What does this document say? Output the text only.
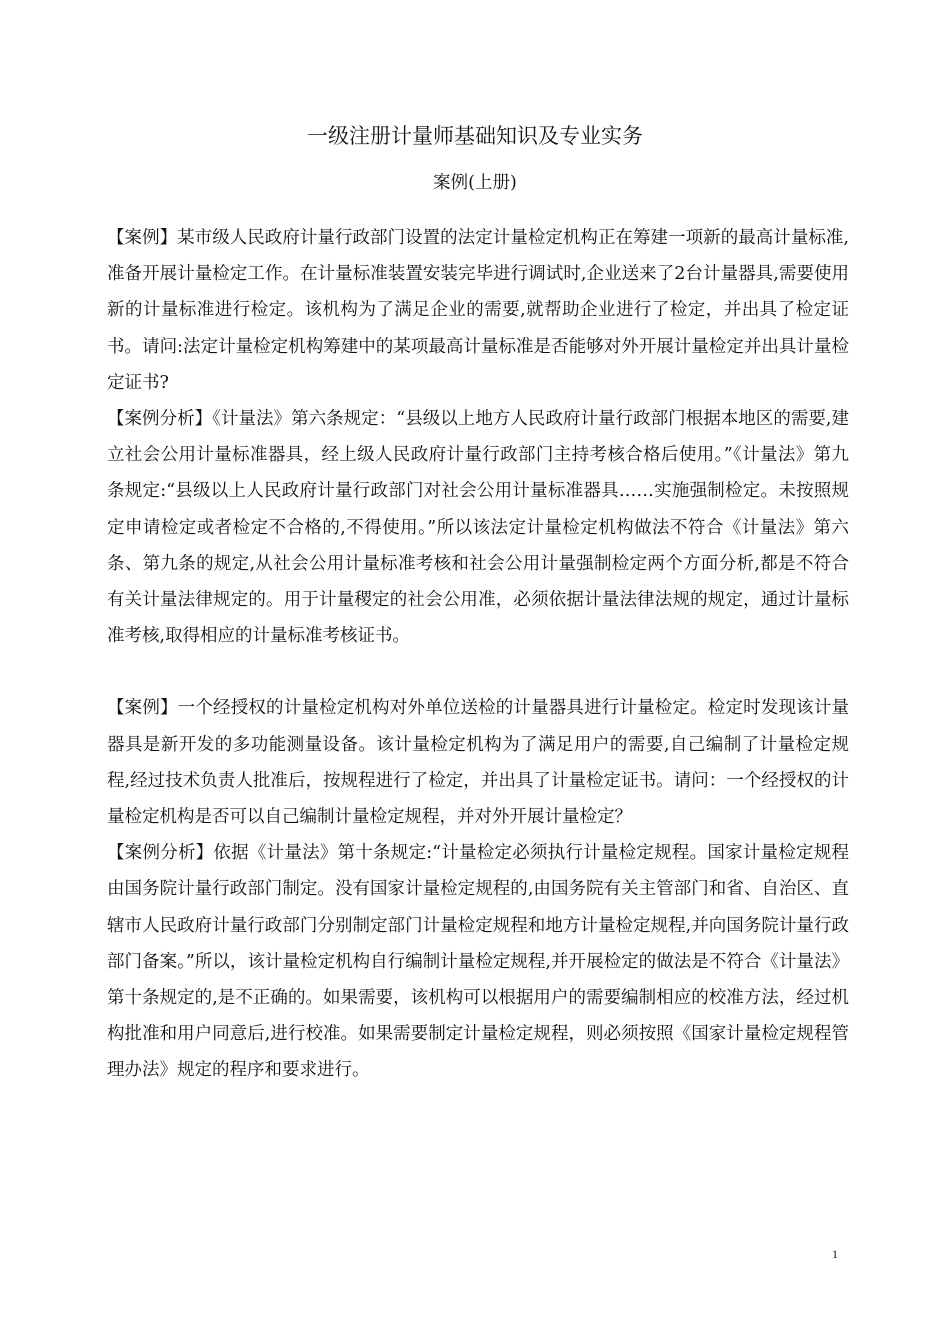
一级注册计量师基础知识及专业实务
案例(上册)

【案例】某市级人民政府计量行政部门设置的法定计量检定机构正在筹建一项新的最高计量标准,准备开展计量检定工作。在计量标准装置安装完毕进行调试时,企业送来了2台计量器具,需要使用新的计量标准进行检定。该机构为了满足企业的需要,就帮助企业进行了检定，并出具了检定证书。请问:法定计量检定机构筹建中的某项最高计量标准是否能够对外开展计量检定并出具计量检定证书?

【案例分析】《计量法》第六条规定：“县级以上地方人民政府计量行政部门根据本地区的需要,建立社会公用计量标准器具，经上级人民政府计量行政部门主持考核合格后使用。”《计量法》第九条规定:“县级以上人民政府计量行政部门对社会公用计量标准器具……实施强制检定。未按照规定申请检定或者检定不合格的,不得使用。”所以该法定计量检定机构做法不符合《计量法》第六条、第九条的规定,从社会公用计量标准考核和社会公用计量强制检定两个方面分析,都是不符合有关计量法律规定的。用于计量稷定的社会公用准，必须依据计量法律法规的规定，通过计量标准考核,取得相应的计量标准考核证书。

【案例】一个经授权的计量检定机构对外单位送检的计量器具进行计量检定。检定时发现该计量器具是新开发的多功能测量设备。该计量检定机构为了满足用户的需要,自己编制了计量检定规程,经过技术负责人批准后，按规程进行了检定，并出具了计量检定证书。请问：一个经授权的计量检定机构是否可以自己编制计量检定规程，并对外开展计量检定？

【案例分析】依据《计量法》第十条规定:“计量检定必须执行计量检定规程。国家计量检定规程由国务院计量行政部门制定。没有国家计量检定规程的,由国务院有关主管部门和省、自治区、直辖市人民政府计量行政部门分别制定部门计量检定规程和地方计量检定规程,并向国务院计量行政部门备案。”所以，该计量检定机构自行编制计量检定规程,并开展检定的做法是不符合《计量法》第十条规定的,是不正确的。如果需要，该机构可以根据用户的需要编制相应的校准方法，经过机构批准和用户同意后,进行校准。如果需要制定计量检定规程，则必须按照《国家计量检定规程管理办法》规定的程序和要求进行。

1
